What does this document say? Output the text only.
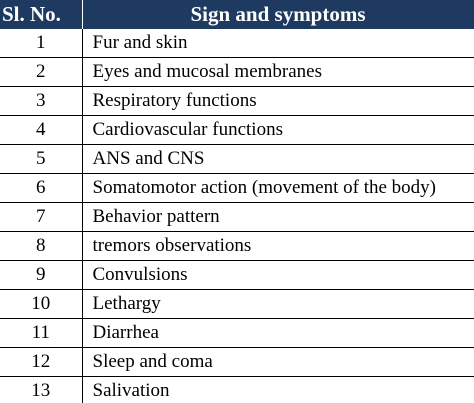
Sl. No.	Sign and symptoms
1	Fur and skin
2	Eyes and mucosal membranes
3	Respiratory functions
4	Cardiovascular functions
5	ANS and CNS
6	Somatomotor action (movement of the body)
7	Behavior pattern
8	tremors observations
9	Convulsions
10	Lethargy
11	Diarrhea
12	Sleep and coma
13	Salivation
